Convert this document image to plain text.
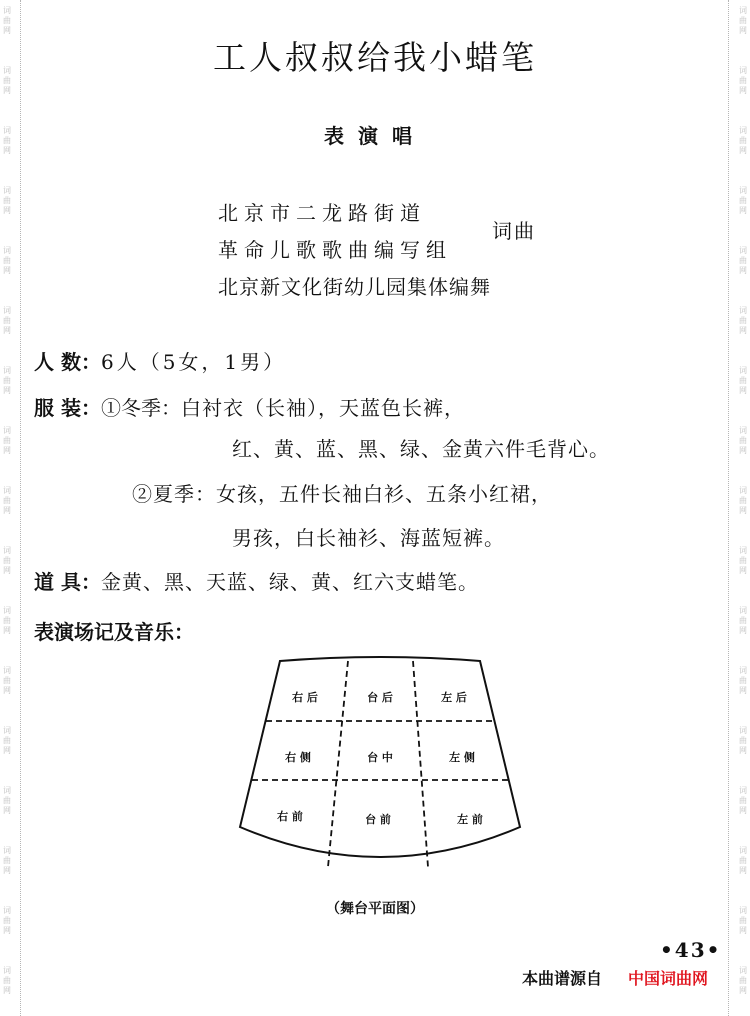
词
曲
网
词
曲
网
词
曲
网
词
曲
网
词
曲
网
词
曲
网
词
曲
网
词
曲
网
词
曲
网
词
曲
网
词
曲
网
词
曲
网
词
曲
网
词
曲
网
词
曲
网
词
曲
网
词
曲
网
词
曲
网
词
曲
网
词
曲
网
词
曲
网
词
曲
网
词
曲
网
词
曲
网
词
曲
网
词
曲
网
词
曲
网
词
曲
网
词
曲
网
词
曲
网
词
曲
网
词
曲
网
词
曲
网
词
曲
网
工人叔叔给我小蜡笔
表演唱
北京市二龙路街道
革命儿歌歌曲编写组
北京新文化街幼儿园集体编舞
词曲
人 数：6人（5女，1男）
服 装：①冬季：白衬衣（长袖），天蓝色长裤，
红、黄、蓝、黑、绿、金黄六件毛背心。
②夏季：女孩，五件长袖白衫、五条小红裙，
男孩，白长袖衫、海蓝短裤。
道 具：金黄、黑、天蓝、绿、黄、红六支蜡笔。
表演场记及音乐：
右 后	台 后	左 后
右 侧	台 中	左 侧
右 前	台 前	左 前
（舞台平面图）
•43•
本曲谱源自 中国词曲网
